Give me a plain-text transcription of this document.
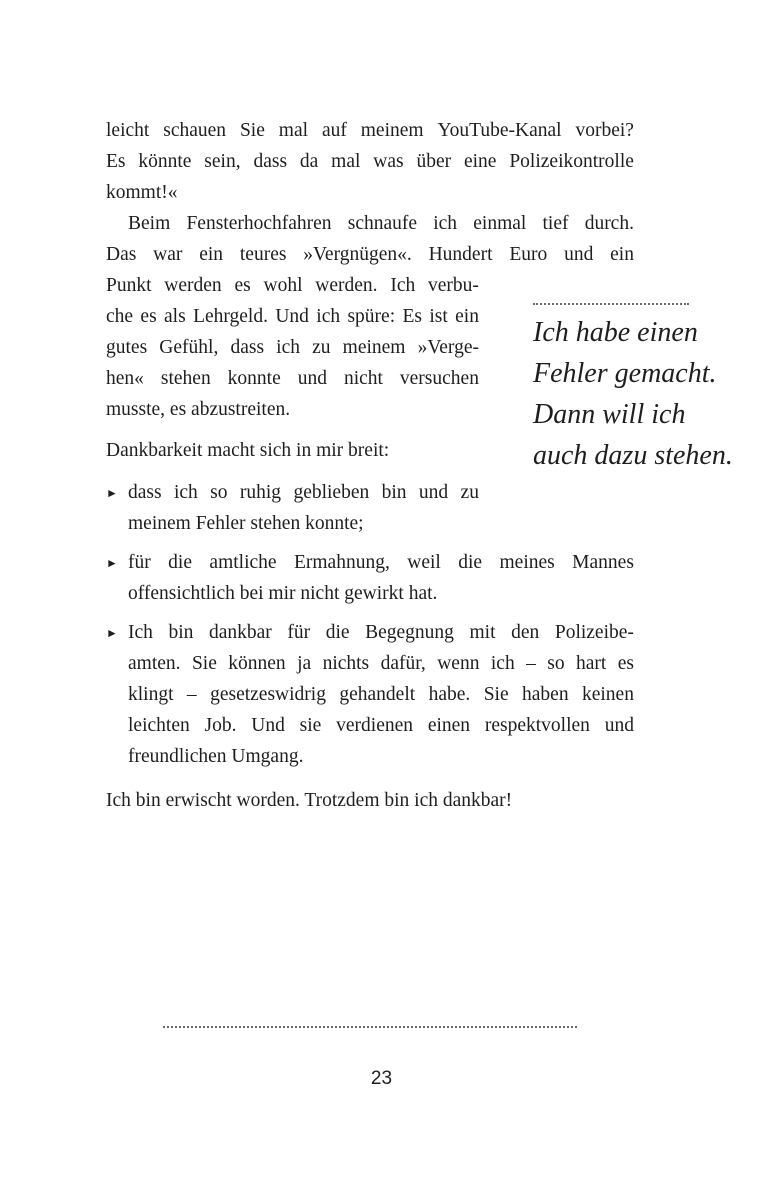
leicht schauen Sie mal auf meinem YouTube-Kanal vorbei?
Es könnte sein, dass da mal was über eine Polizeikontrolle
kommt!«
Beim Fensterhochfahren schnaufe ich einmal tief durch.
Das war ein teures »Vergnügen«. Hundert Euro und ein
Punkt werden es wohl werden. Ich verbu-
che es als Lehrgeld. Und ich spüre: Es ist ein
gutes Gefühl, dass ich zu meinem »Verge-
hen« stehen konnte und nicht versuchen
musste, es abzustreiten.
Dankbarkeit macht sich in mir breit:
► dass ich so ruhig geblieben bin und zu
meinem Fehler stehen konnte;
► für die amtliche Ermahnung, weil die meines Mannes
offensichtlich bei mir nicht gewirkt hat.
► Ich bin dankbar für die Begegnung mit den Polizeibe-
amten. Sie können ja nichts dafür, wenn ich – so hart es
klingt – gesetzeswidrig gehandelt habe. Sie haben keinen
leichten Job. Und sie verdienen einen respektvollen und
freundlichen Umgang.
Ich bin erwischt worden. Trotzdem bin ich dankbar!
Ich habe einen
Fehler gemacht.
Dann will ich
auch dazu stehen.
23
